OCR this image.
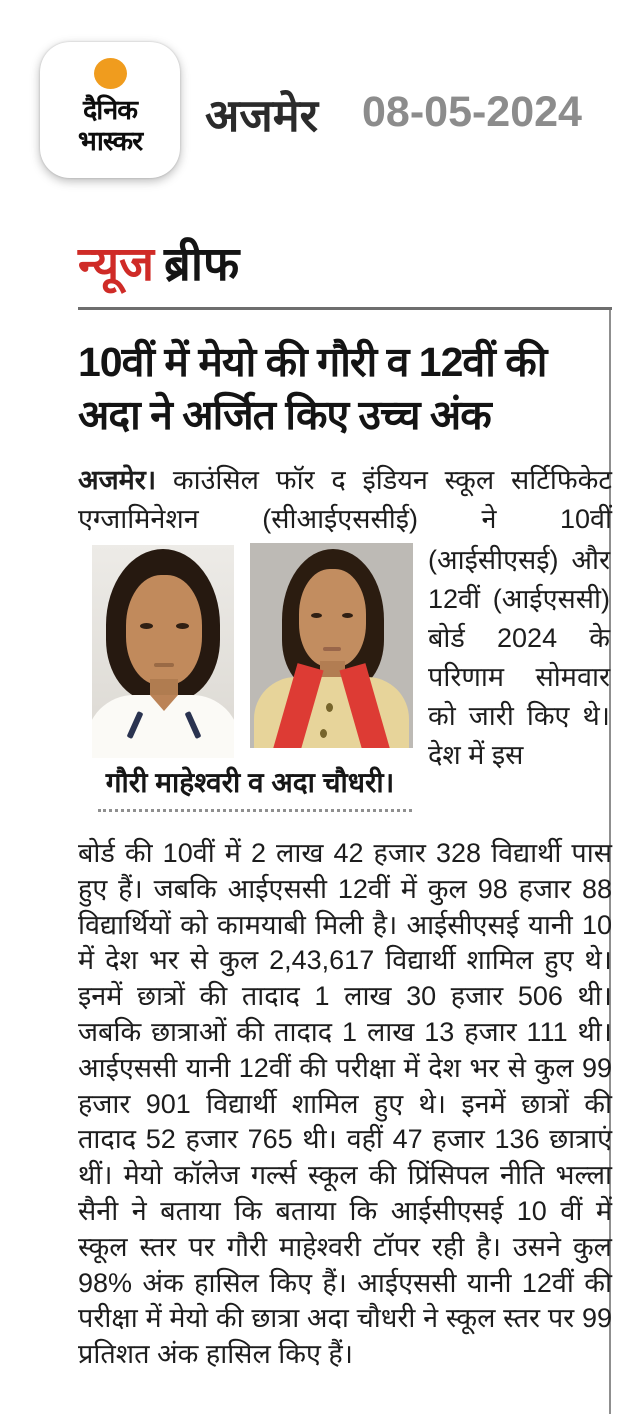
दैनिक
भास्कर अजमेर 08-05-2024
न्यूज ब्रीफ
10वीं में मेयो की गौरी व 12वीं की
अदा ने अर्जित किए उच्च अंक
अजमेर। काउंसिल फॉर द इंडियन स्कूल सर्टिफिकेट एग्जामिनेशन (सीआईएससीई) ने 10वीं
(आईसीएसई) और 12वीं (आईएससी) बोर्ड 2024 के परिणाम सोमवार को जारी किए थे। देश में इस
गौरी माहेश्वरी व अदा चौधरी।
बोर्ड की 10वीं में 2 लाख 42 हजार 328 विद्यार्थी पास हुए हैं। जबकि आईएससी 12वीं में कुल 98 हजार 88 विद्यार्थियों को कामयाबी मिली है। आईसीएसई यानी 10 में देश भर से कुल 2,43,617 विद्यार्थी शामिल हुए थे। इनमें छात्रों की तादाद 1 लाख 30 हजार 506 थी। जबकि छात्राओं की तादाद 1 लाख 13 हजार 111 थी। आईएससी यानी 12वीं की परीक्षा में देश भर से कुल 99 हजार 901 विद्यार्थी शामिल हुए थे। इनमें छात्रों की तादाद 52 हजार 765 थी। वहीं 47 हजार 136 छात्राएं थीं। मेयो कॉलेज गर्ल्स स्कूल की प्रिंसिपल नीति भल्ला सैनी ने बताया कि बताया कि आईसीएसई 10 वीं में स्कूल स्तर पर गौरी माहेश्वरी टॉपर रही है। उसने कुल 98% अंक हासिल किए हैं। आईएससी यानी 12वीं की परीक्षा में मेयो की छात्रा अदा चौधरी ने स्कूल स्तर पर 99 प्रतिशत अंक हासिल किए हैं।
